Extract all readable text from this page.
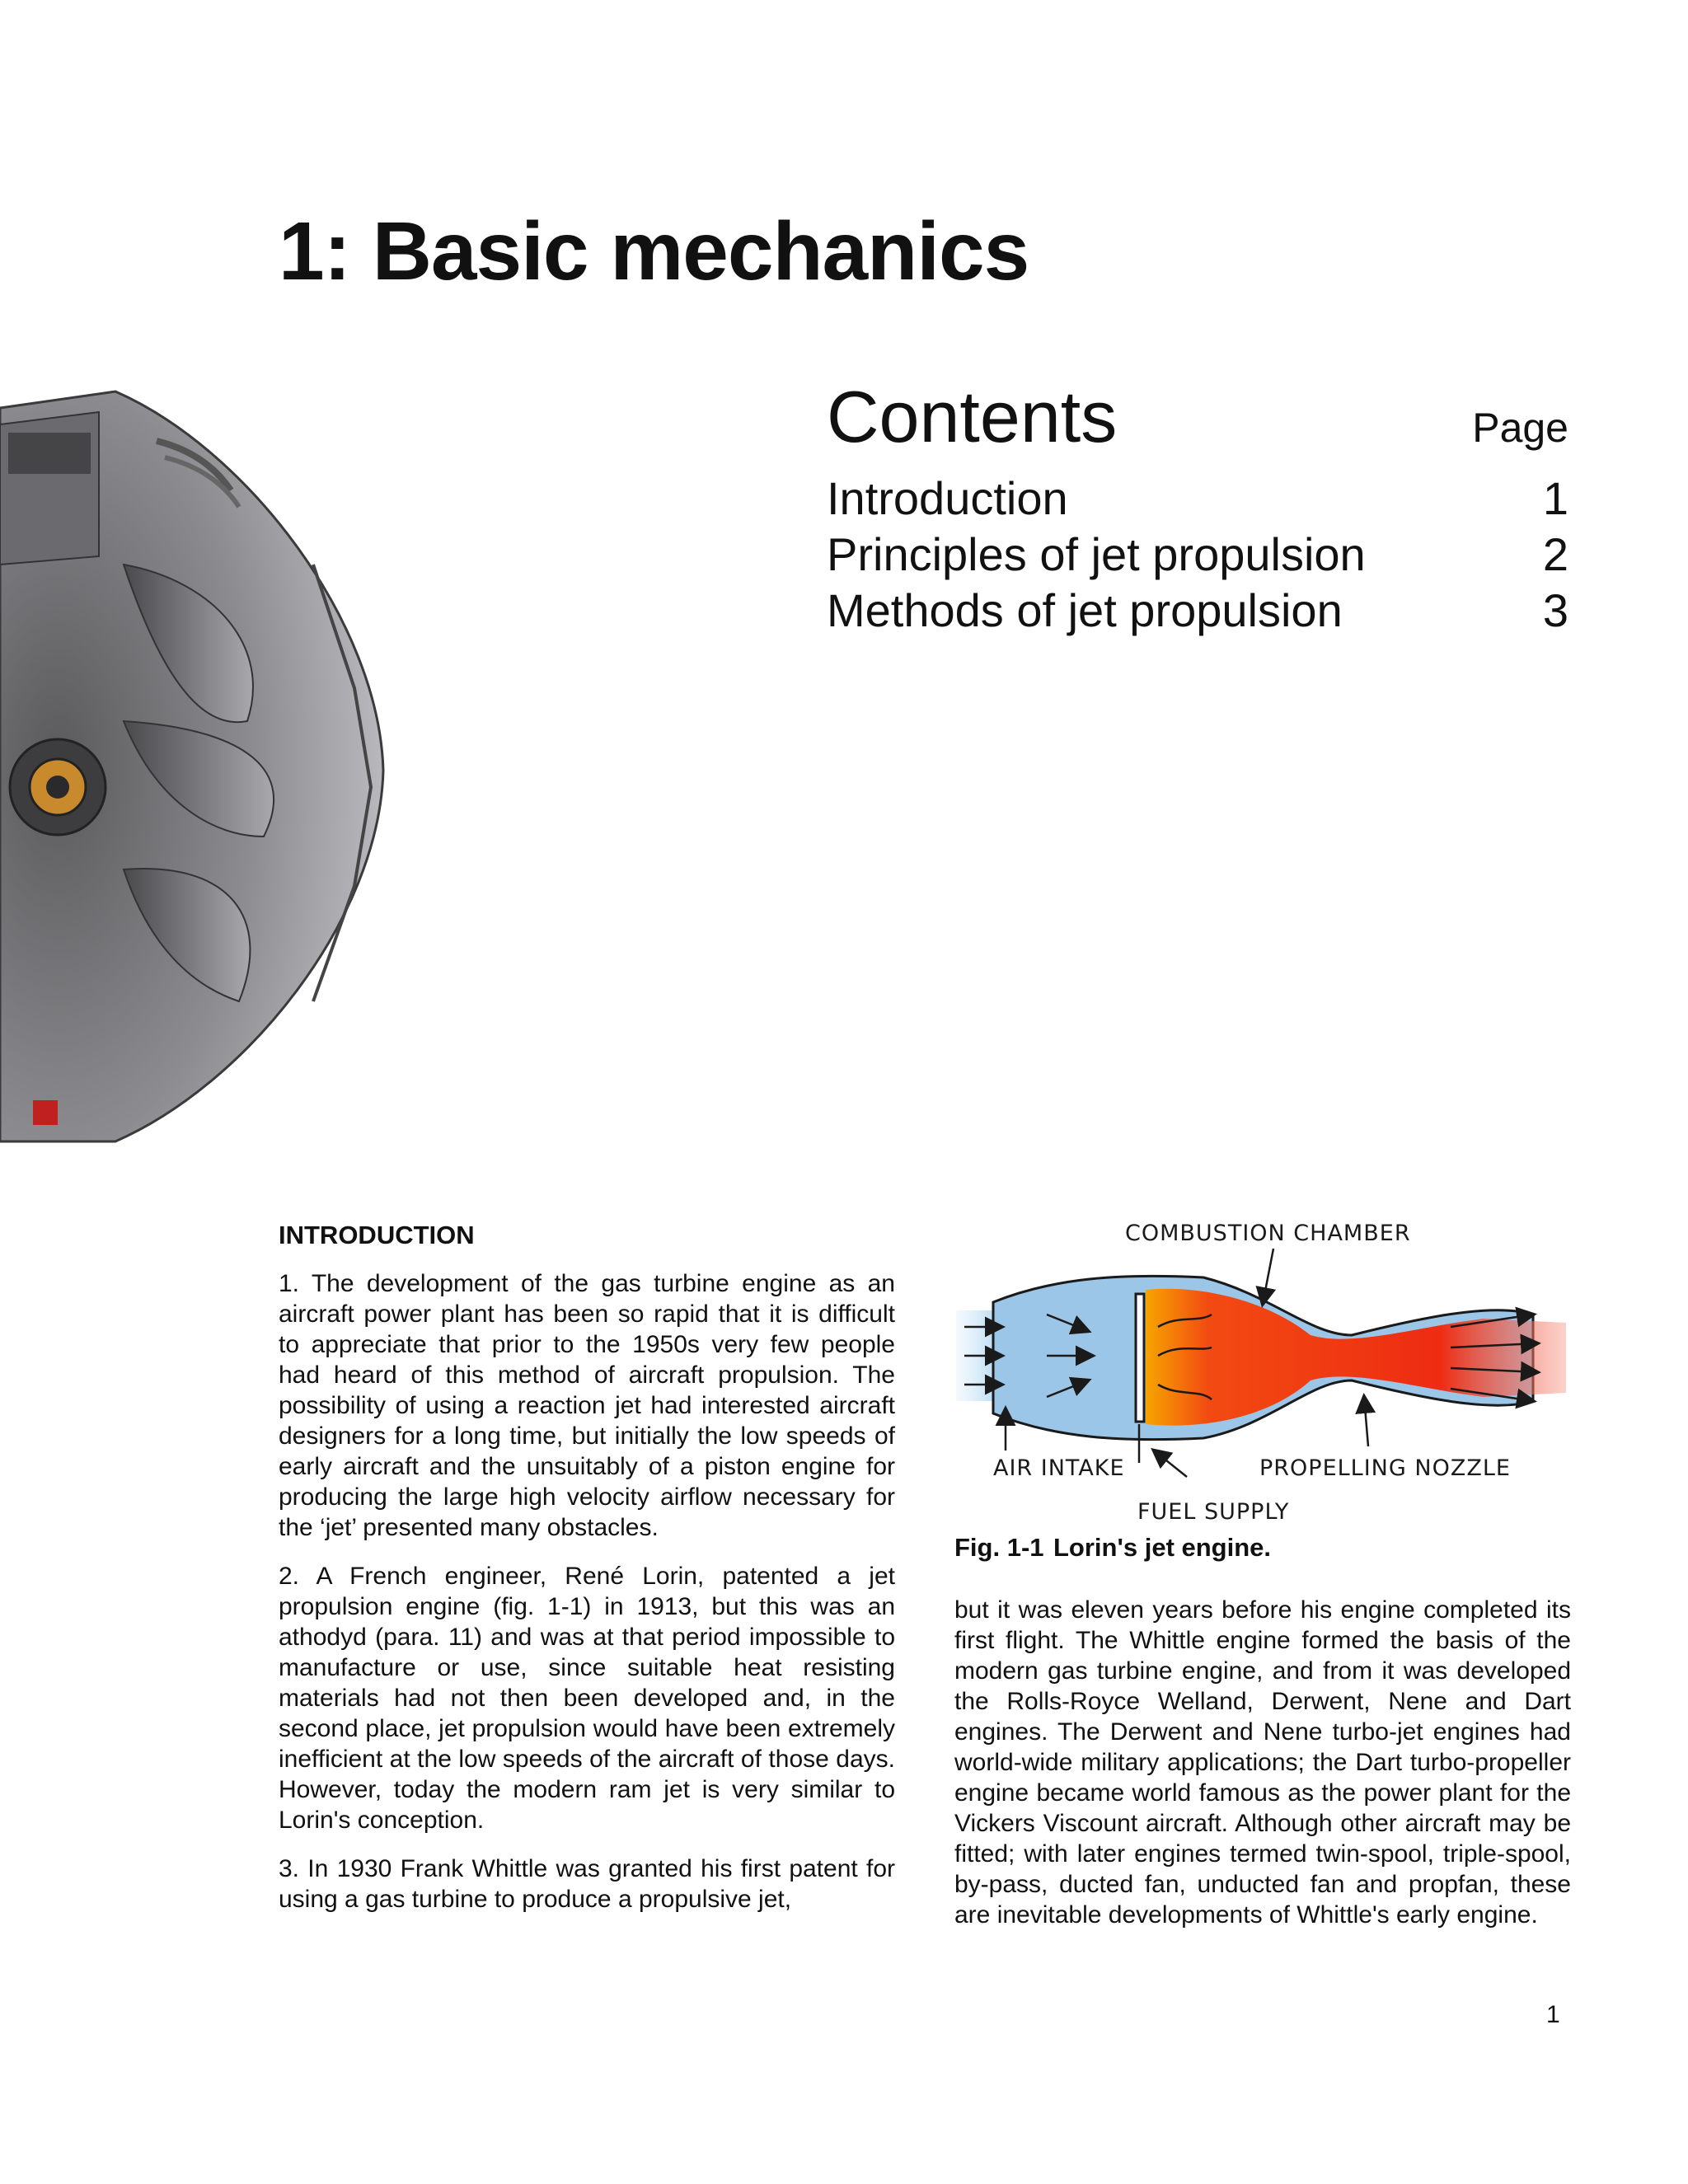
1: Basic mechanics
Contents	Page
Introduction	1
Principles of jet propulsion	2
Methods of jet propulsion	3

INTRODUCTION

1. The development of the gas turbine engine as an aircraft power plant has been so rapid that it is difficult to appreciate that prior to the 1950s very few people had heard of this method of aircraft propulsion. The possibility of using a reaction jet had interested aircraft designers for a long time, but initially the low speeds of early aircraft and the unsuitably of a piston engine for producing the large high velocity airflow necessary for the ‘jet’ presented many obstacles.

2. A French engineer, René Lorin, patented a jet propulsion engine (fig. 1-1) in 1913, but this was an athodyd (para. 11) and was at that period impossible to manufacture or use, since suitable heat resisting materials had not then been developed and, in the second place, jet propulsion would have been extremely inefficient at the low speeds of the aircraft of those days. However, today the modern ram jet is very similar to Lorin's conception.

3. In 1930 Frank Whittle was granted his first patent for using a gas turbine to produce a propulsive jet,

COMBUSTION CHAMBER
AIR INTAKE	PROPELLING NOZZLE
FUEL SUPPLY
Fig. 1-1 Lorin's jet engine.

but it was eleven years before his engine completed its first flight. The Whittle engine formed the basis of the modern gas turbine engine, and from it was developed the Rolls-Royce Welland, Derwent, Nene and Dart engines. The Derwent and Nene turbo-jet engines had world-wide military applications; the Dart turbo-propeller engine became world famous as the power plant for the Vickers Viscount aircraft. Although other aircraft may be fitted; with later engines termed twin-spool, triple-spool, by-pass, ducted fan, unducted fan and propfan, these are inevitable developments of Whittle's early engine.

1
